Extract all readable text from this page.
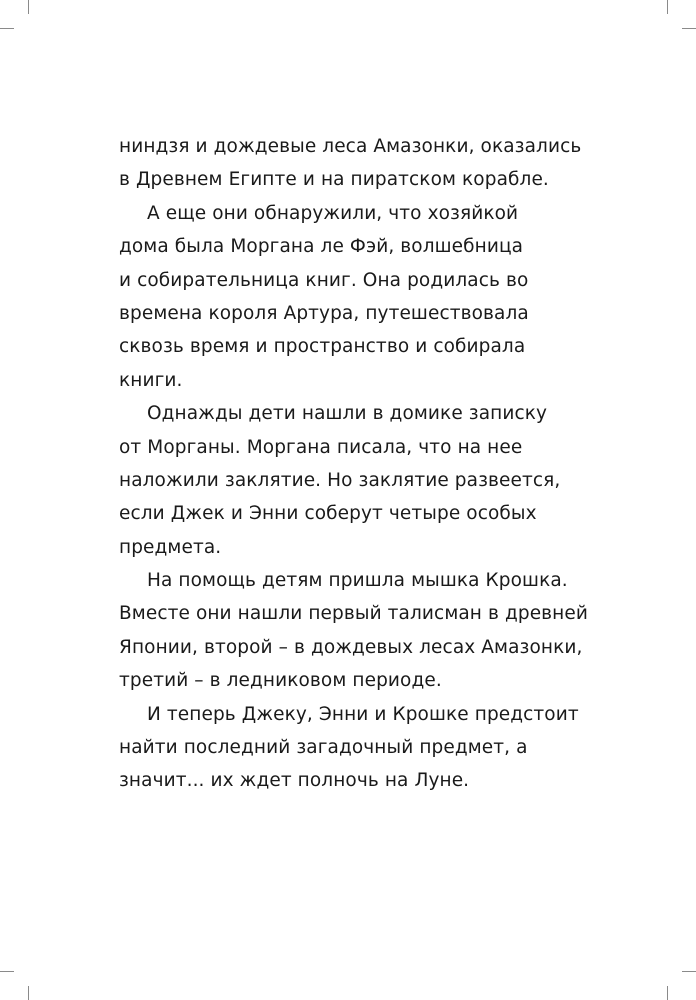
ниндзя и дождевые леса Амазонки, оказались
в Древнем Египте и на пиратском корабле.
А еще они обнаружили, что хозяйкой
дома была Моргана ле Фэй, волшебница
и собирательница книг. Она родилась во
времена короля Артура, путешествовала
сквозь время и пространство и собирала
книги.
Однажды дети нашли в домике записку
от Морганы. Моргана писала, что на нее
наложили заклятие. Но заклятие развеется,
если Джек и Энни соберут четыре особых
предмета.
На помощь детям пришла мышка Крошка.
Вместе они нашли первый талисман в древней
Японии, второй – в дождевых лесах Амазонки,
третий – в ледниковом периоде.
И теперь Джеку, Энни и Крошке предстоит
найти последний загадочный предмет, а
значит... их ждет полночь на Луне.
